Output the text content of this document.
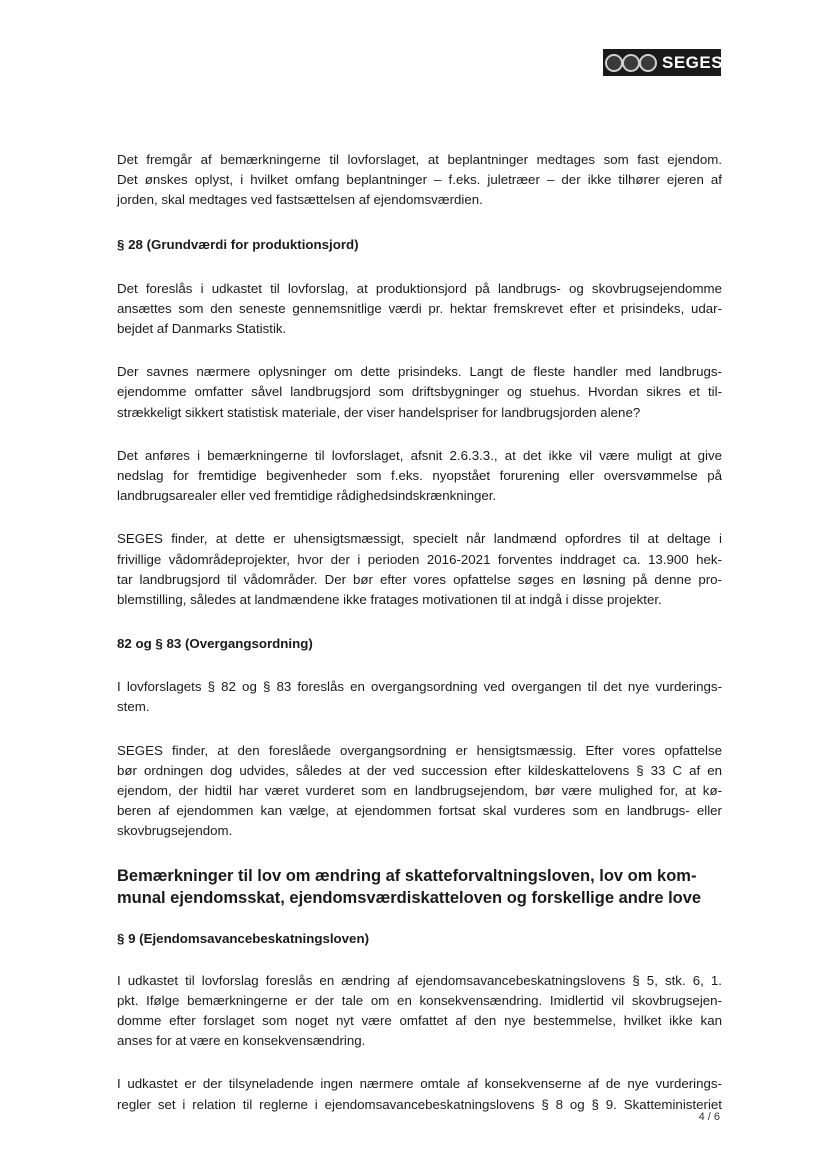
SEGES

Det fremgår af bemærkningerne til lovforslaget, at beplantninger medtages som fast ejendom.
Det ønskes oplyst, i hvilket omfang beplantninger – f.eks. juletræer – der ikke tilhører ejeren af
jorden, skal medtages ved fastsættelsen af ejendomsværdien.

§ 28 (Grundværdi for produktionsjord)

Det foreslås i udkastet til lovforslag, at produktionsjord på landbrugs- og skovbrugsejendomme
ansættes som den seneste gennemsnitlige værdi pr. hektar fremskrevet efter et prisindeks, udar-
bejdet af Danmarks Statistik.

Der savnes nærmere oplysninger om dette prisindeks. Langt de fleste handler med landbrugs-
ejendomme omfatter såvel landbrugsjord som driftsbygninger og stuehus. Hvordan sikres et til-
strækkeligt sikkert statistisk materiale, der viser handelspriser for landbrugsjorden alene?

Det anføres i bemærkningerne til lovforslaget, afsnit 2.6.3.3., at det ikke vil være muligt at give
nedslag for fremtidige begivenheder som f.eks. nyopstået forurening eller oversvømmelse på
landbrugsarealer eller ved fremtidige rådighedsindskrænkninger.

SEGES finder, at dette er uhensigtsmæssigt, specielt når landmænd opfordres til at deltage i
frivillige vådområdeprojekter, hvor der i perioden 2016-2021 forventes inddraget ca. 13.900 hek-
tar landbrugsjord til vådområder. Der bør efter vores opfattelse søges en løsning på denne pro-
blemstilling, således at landmændene ikke fratages motivationen til at indgå i disse projekter.

82 og § 83 (Overgangsordning)

I lovforslagets § 82 og § 83 foreslås en overgangsordning ved overgangen til det nye vurderings-
stem.

SEGES finder, at den foreslåede overgangsordning er hensigtsmæssig. Efter vores opfattelse
bør ordningen dog udvides, således at der ved succession efter kildeskattelovens § 33 C af en
ejendom, der hidtil har været vurderet som en landbrugsejendom, bør være mulighed for, at kø-
beren af ejendommen kan vælge, at ejendommen fortsat skal vurderes som en landbrugs- eller
skovbrugsejendom.

Bemærkninger til lov om ændring af skatteforvaltningsloven, lov om kom-munal ejendomsskat, ejendomsværdiskatteloven og forskellige andre love
§ 9 (Ejendomsavancebeskatningsloven)

I udkastet til lovforslag foreslås en ændring af ejendomsavancebeskatningslovens § 5, stk. 6, 1.
pkt. Ifølge bemærkningerne er der tale om en konsekvensændring. Imidlertid vil skovbrugsejen-
domme efter forslaget som noget nyt være omfattet af den nye bestemmelse, hvilket ikke kan
anses for at være en konsekvensændring.

I udkastet er der tilsyneladende ingen nærmere omtale af konsekvenserne af de nye vurderings-
regler set i relation til reglerne i ejendomsavancebeskatningslovens § 8 og § 9. Skatteministeriet

4 / 6
